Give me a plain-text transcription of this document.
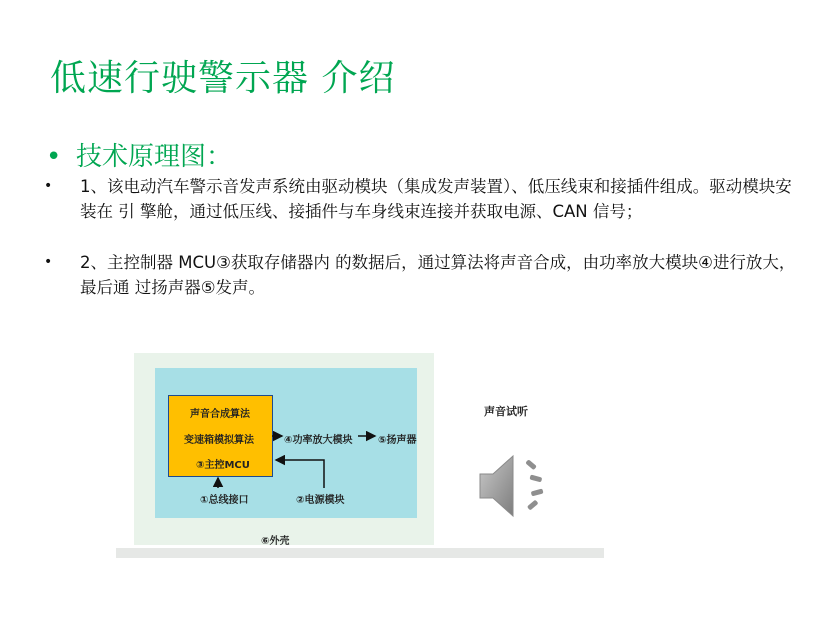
低速行驶警示器 介绍
• 技术原理图：
• 1、该电动汽车警示音发声系统由驱动模块（集成发声装置）、低压线束和接插件组成。驱动模块安装在 引 擎舱，通过低压线、接插件与车身线束连接并获取电源、CAN 信号；
• 2、主控制器 MCU③获取存储器内 的数据后，通过算法将声音合成，由功率放大模块④进行放大，最后通 过扬声器⑤发声。
声音合成算法
变速箱模拟算法
③主控MCU
④功率放大模块	⑤扬声器
①总线接口	②电源模块
⑥外壳
声音试听
